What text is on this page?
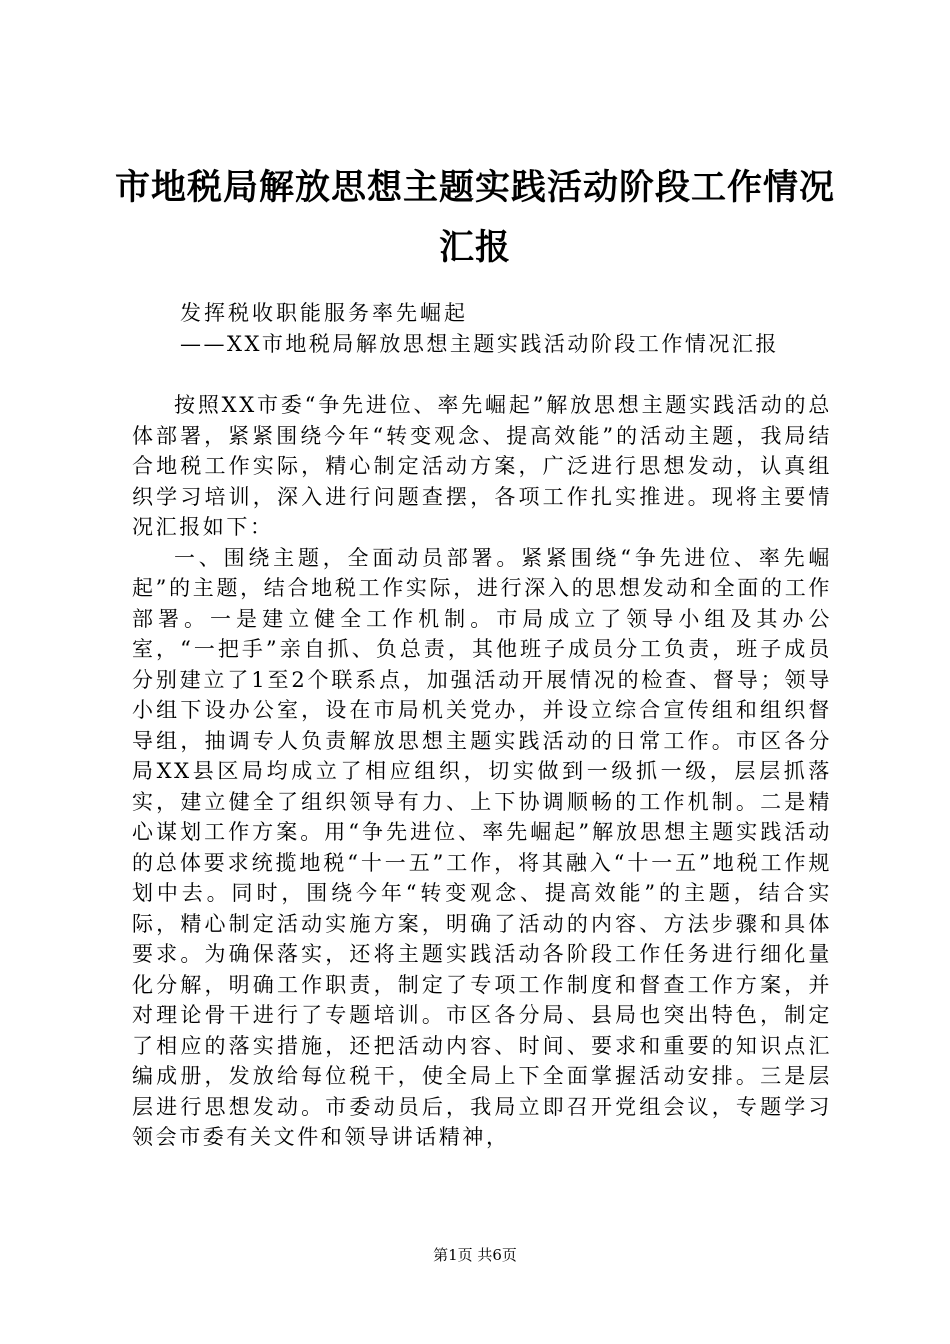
市地税局解放思想主题实践活动阶段工作情况汇报
发挥税收职能服务率先崛起
——XX市地税局解放思想主题实践活动阶段工作情况汇报

按照XX市委“争先进位、率先崛起”解放思想主题实践活动的总体部署，紧紧围绕今年“转变观念、提高效能”的活动主题，我局结合地税工作实际，精心制定活动方案，广泛进行思想发动，认真组织学习培训，深入进行问题查摆，各项工作扎实推进。现将主要情况汇报如下：

一、围绕主题，全面动员部署。紧紧围绕“争先进位、率先崛起”的主题，结合地税工作实际，进行深入的思想发动和全面的工作部署。一是建立健全工作机制。市局成立了领导小组及其办公室，“一把手”亲自抓、负总责，其他班子成员分工负责，班子成员分别建立了1至2个联系点，加强活动开展情况的检查、督导；领导小组下设办公室，设在市局机关党办，并设立综合宣传组和组织督导组，抽调专人负责解放思想主题实践活动的日常工作。市区各分局XX县区局均成立了相应组织，切实做到一级抓一级，层层抓落实，建立健全了组织领导有力、上下协调顺畅的工作机制。二是精心谋划工作方案。用“争先进位、率先崛起”解放思想主题实践活动的总体要求统揽地税“十一五”工作，将其融入“十一五”地税工作规划中去。同时，围绕今年“转变观念、提高效能”的主题，结合实际，精心制定活动实施方案，明确了活动的内容、方法步骤和具体要求。为确保落实，还将主题实践活动各阶段工作任务进行细化量化分解，明确工作职责，制定了专项工作制度和督查工作方案，并对理论骨干进行了专题培训。市区各分局、县局也突出特色，制定了相应的落实措施，还把活动内容、时间、要求和重要的知识点汇编成册，发放给每位税干，使全局上下全面掌握活动安排。三是层层进行思想发动。市委动员后，我局立即召开党组会议，专题学习领会市委有关文件和领导讲话精神，

第1页 共6页
